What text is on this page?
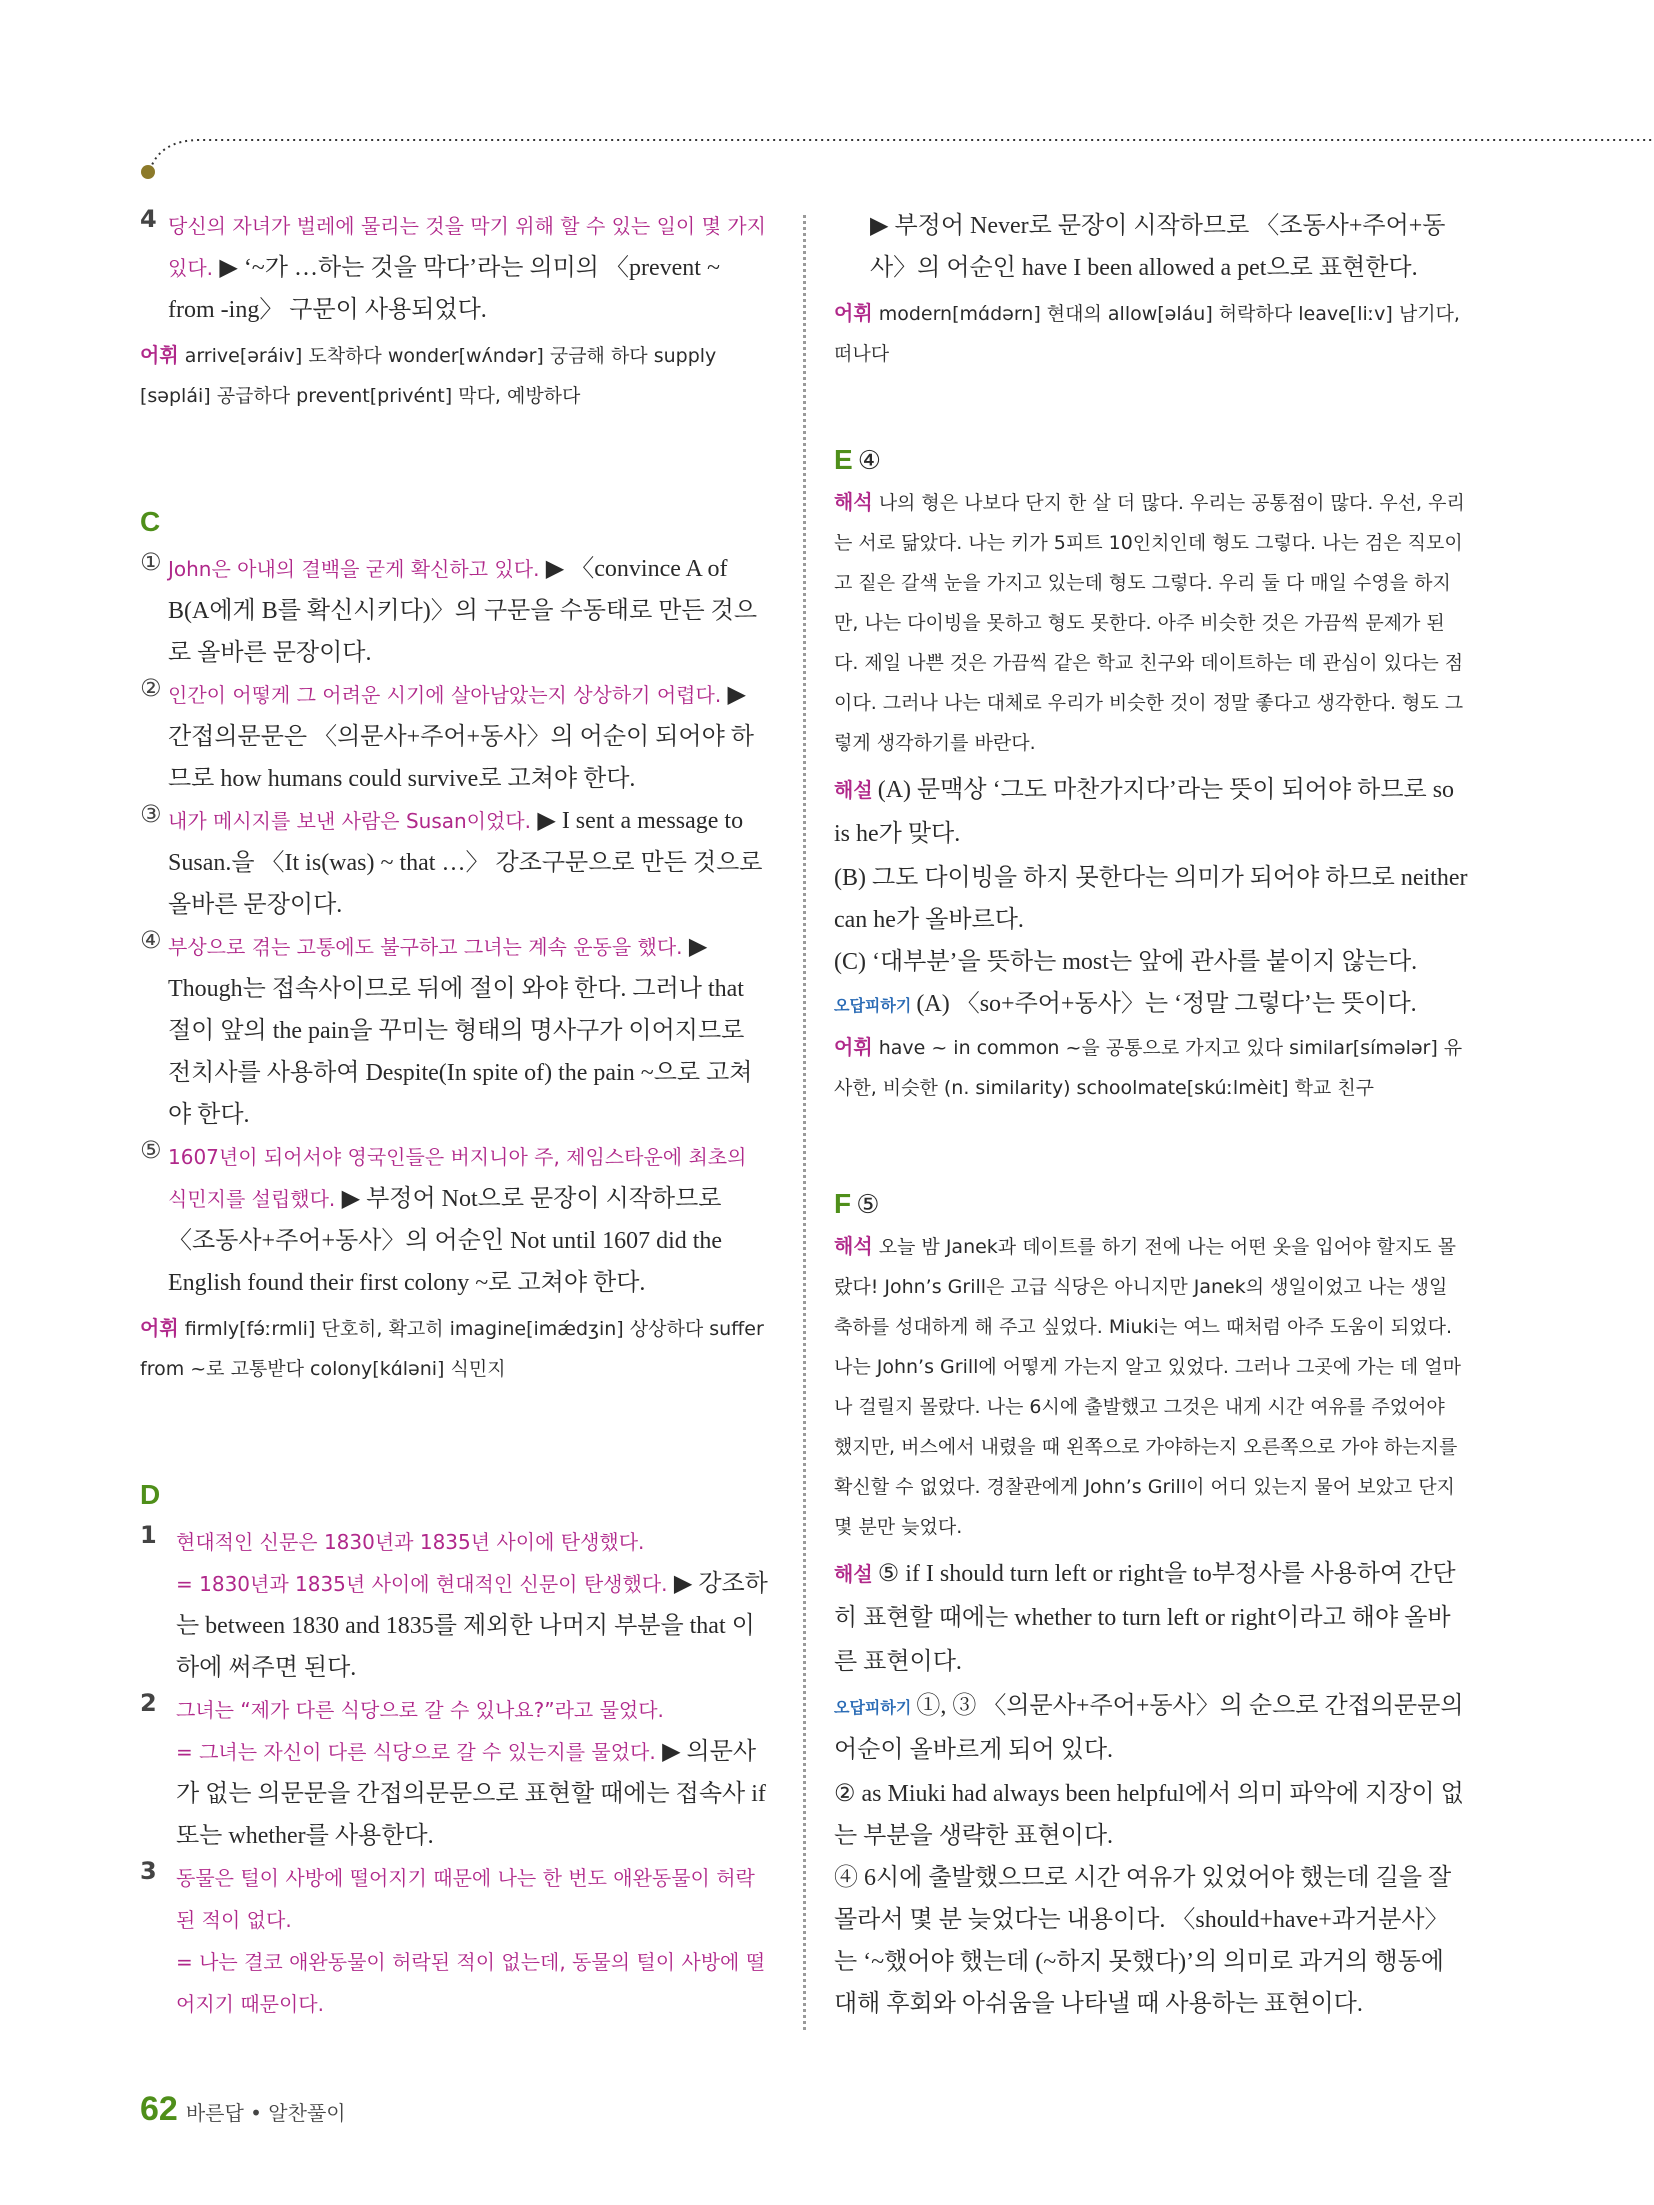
4 당신의 자녀가 벌레에 물리는 것을 막기 위해 할 수 있는 일이 몇 가지 있다. ▶ ‘~가 …하는 것을 막다’라는 의미의 〈prevent ~ from -ing〉 구문이 사용되었다.

어휘 arrive[əráiv] 도착하다 wonder[wʌ́ndər] 궁금해 하다 supply [səplái] 공급하다 prevent[privént] 막다, 예방하다

C
① John은 아내의 결백을 굳게 확신하고 있다. ▶ 〈convince A of B(A에게 B를 확신시키다)〉의 구문을 수동태로 만든 것으로 올바른 문장이다.

② 인간이 어떻게 그 어려운 시기에 살아남았는지 상상하기 어렵다. ▶ 간접의문문은 〈의문사+주어+동사〉의 어순이 되어야 하므로 how humans could survive로 고쳐야 한다.

③ 내가 메시지를 보낸 사람은 Susan이었다. ▶ I sent a message to Susan.을 〈It is(was) ~ that …〉 강조구문으로 만든 것으로 올바른 문장이다.

④ 부상으로 겪는 고통에도 불구하고 그녀는 계속 운동을 했다. ▶ Though는 접속사이므로 뒤에 절이 와야 한다. 그러나 that 절이 앞의 the pain을 꾸미는 형태의 명사구가 이어지므로 전치사를 사용하여 Despite(In spite of) the pain ~으로 고쳐야 한다.

⑤ 1607년이 되어서야 영국인들은 버지니아 주, 제임스타운에 최초의 식민지를 설립했다. ▶ 부정어 Not으로 문장이 시작하므로 〈조동사+주어+동사〉의 어순인 Not until 1607 did the English found their first colony ~로 고쳐야 한다.

어휘 firmly[fə́ːrmli] 단호히, 확고히 imagine[imǽdʒin] 상상하다 suffer from ~로 고통받다 colony[kɑ́ləni] 식민지

D
1 현대적인 신문은 1830년과 1835년 사이에 탄생했다.

= 1830년과 1835년 사이에 현대적인 신문이 탄생했다. ▶ 강조하는 between 1830 and 1835를 제외한 나머지 부분을 that 이하에 써주면 된다.

2 그녀는 “제가 다른 식당으로 갈 수 있나요?”라고 물었다.

= 그녀는 자신이 다른 식당으로 갈 수 있는지를 물었다. ▶ 의문사가 없는 의문문을 간접의문문으로 표현할 때에는 접속사 if 또는 whether를 사용한다.

3 동물은 털이 사방에 떨어지기 때문에 나는 한 번도 애완동물이 허락된 적이 없다.

= 나는 결코 애완동물이 허락된 적이 없는데, 동물의 털이 사방에 떨어지기 때문이다.

▶ 부정어 Never로 문장이 시작하므로 〈조동사+주어+동사〉의 어순인 have I been allowed a pet으로 표현한다.

어휘 modern[mɑ́dərn] 현대의 allow[əláu] 허락하다 leave[liːv] 남기다, 떠나다

E ④

해석 나의 형은 나보다 단지 한 살 더 많다. 우리는 공통점이 많다. 우선, 우리는 서로 닮았다. 나는 키가 5피트 10인치인데 형도 그렇다. 나는 검은 직모이고 짙은 갈색 눈을 가지고 있는데 형도 그렇다. 우리 둘 다 매일 수영을 하지만, 나는 다이빙을 못하고 형도 못한다. 아주 비슷한 것은 가끔씩 문제가 된다. 제일 나쁜 것은 가끔씩 같은 학교 친구와 데이트하는 데 관심이 있다는 점이다. 그러나 나는 대체로 우리가 비슷한 것이 정말 좋다고 생각한다. 형도 그렇게 생각하기를 바란다.

해설 (A) 문맥상 ‘그도 마찬가지다’라는 뜻이 되어야 하므로 so is he가 맞다.

(B) 그도 다이빙을 하지 못한다는 의미가 되어야 하므로 neither can he가 올바르다.

(C) ‘대부분’을 뜻하는 most는 앞에 관사를 붙이지 않는다.

오답피하기 (A) 〈so+주어+동사〉는 ‘정말 그렇다’는 뜻이다.

어휘 have ~ in common ~을 공통으로 가지고 있다 similar[símələr] 유사한, 비슷한 (n. similarity) schoolmate[skúːlmèit] 학교 친구

F ⑤

해석 오늘 밤 Janek과 데이트를 하기 전에 나는 어떤 옷을 입어야 할지도 몰랐다! John’s Grill은 고급 식당은 아니지만 Janek의 생일이었고 나는 생일 축하를 성대하게 해 주고 싶었다. Miuki는 여느 때처럼 아주 도움이 되었다. 나는 John’s Grill에 어떻게 가는지 알고 있었다. 그러나 그곳에 가는 데 얼마나 걸릴지 몰랐다. 나는 6시에 출발했고 그것은 내게 시간 여유를 주었어야 했지만, 버스에서 내렸을 때 왼쪽으로 가야하는지 오른쪽으로 가야 하는지를 확신할 수 없었다. 경찰관에게 John’s Grill이 어디 있는지 물어 보았고 단지 몇 분만 늦었다.

해설 ⑤ if I should turn left or right을 to부정사를 사용하여 간단히 표현할 때에는 whether to turn left or right이라고 해야 올바른 표현이다.

오답피하기 ①, ③ 〈의문사+주어+동사〉의 순으로 간접의문문의 어순이 올바르게 되어 있다.

② as Miuki had always been helpful에서 의미 파악에 지장이 없는 부분을 생략한 표현이다.

④ 6시에 출발했으므로 시간 여유가 있었어야 했는데 길을 잘 몰라서 몇 분 늦었다는 내용이다. 〈should+have+과거분사〉는 ‘~했어야 했는데 (~하지 못했다)’의 의미로 과거의 행동에 대해 후회와 아쉬움을 나타낼 때 사용하는 표현이다.

62 바른답 • 알찬풀이
